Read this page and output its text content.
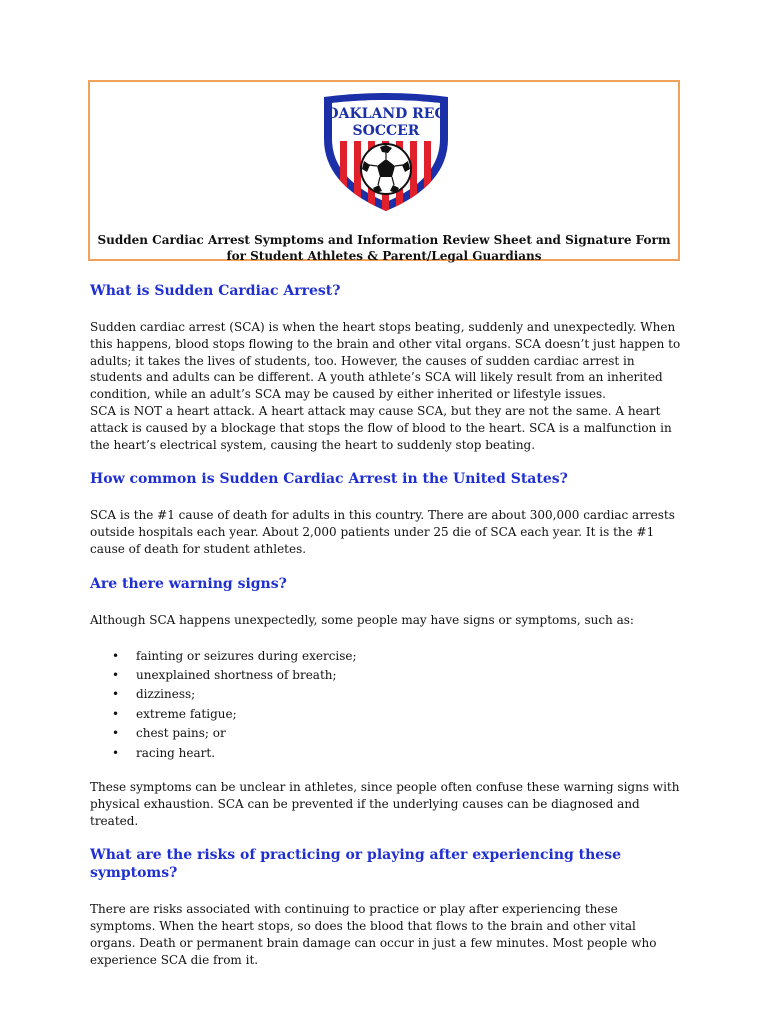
OAKLAND REC
SOCCER
Sudden Cardiac Arrest Symptoms and Information Review Sheet and Signature Form
for Student Athletes & Parent/Legal Guardians
What is Sudden Cardiac Arrest?

Sudden cardiac arrest (SCA) is when the heart stops beating, suddenly and unexpectedly. When this happens, blood stops flowing to the brain and other vital organs. SCA doesn’t just happen to adults; it takes the lives of students, too. However, the causes of sudden cardiac arrest in students and adults can be different. A youth athlete’s SCA will likely result from an inherited condition, while an adult’s SCA may be caused by either inherited or lifestyle issues.

SCA is NOT a heart attack. A heart attack may cause SCA, but they are not the same. A heart attack is caused by a blockage that stops the flow of blood to the heart. SCA is a malfunction in the heart’s electrical system, causing the heart to suddenly stop beating.

How common is Sudden Cardiac Arrest in the United States?

SCA is the #1 cause of death for adults in this country. There are about 300,000 cardiac arrests outside hospitals each year. About 2,000 patients under 25 die of SCA each year. It is the #1 cause of death for student athletes.

Are there warning signs?

Although SCA happens unexpectedly, some people may have signs or symptoms, such as:

• fainting or seizures during exercise;
• unexplained shortness of breath;
• dizziness;
• extreme fatigue;
• chest pains; or
• racing heart.

These symptoms can be unclear in athletes, since people often confuse these warning signs with physical exhaustion. SCA can be prevented if the underlying causes can be diagnosed and treated.

What are the risks of practicing or playing after experiencing these symptoms?

There are risks associated with continuing to practice or play after experiencing these symptoms. When the heart stops, so does the blood that flows to the brain and other vital organs. Death or permanent brain damage can occur in just a few minutes. Most people who experience SCA die from it.
